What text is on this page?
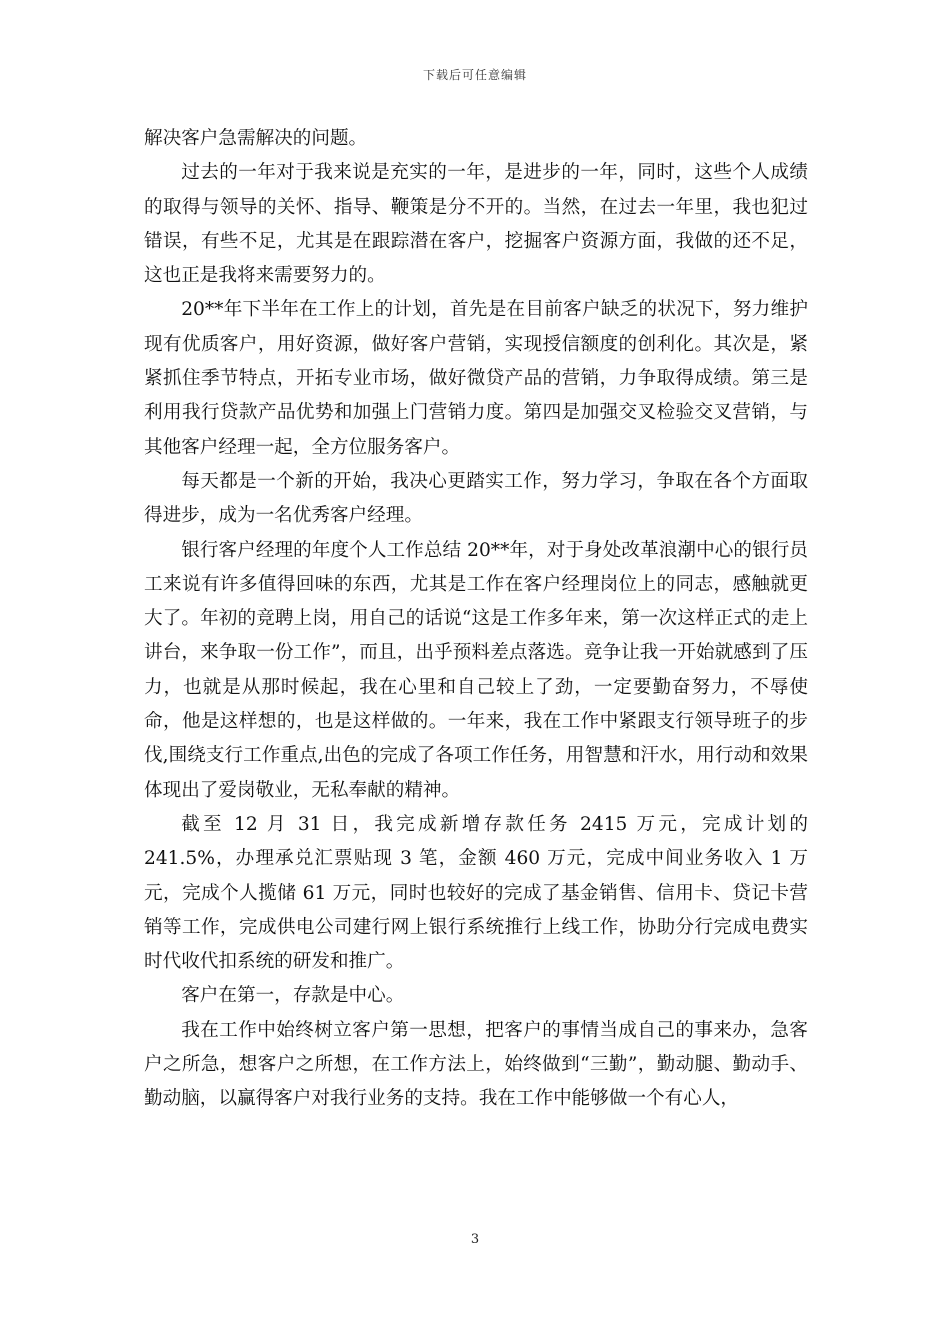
下载后可任意编辑

解决客户急需解决的问题。

过去的一年对于我来说是充实的一年，是进步的一年，同时，这些个人成绩的取得与领导的关怀、指导、鞭策是分不开的。当然，在过去一年里，我也犯过错误，有些不足，尤其是在跟踪潜在客户，挖掘客户资源方面，我做的还不足，这也正是我将来需要努力的。

20**年下半年在工作上的计划，首先是在目前客户缺乏的状况下，努力维护现有优质客户，用好资源，做好客户营销，实现授信额度的创利化。其次是，紧紧抓住季节特点，开拓专业市场，做好微贷产品的营销，力争取得成绩。第三是利用我行贷款产品优势和加强上门营销力度。第四是加强交叉检验交叉营销，与其他客户经理一起，全方位服务客户。

每天都是一个新的开始，我决心更踏实工作，努力学习，争取在各个方面取得进步，成为一名优秀客户经理。

银行客户经理的年度个人工作总结 20**年，对于身处改革浪潮中心的银行员工来说有许多值得回味的东西，尤其是工作在客户经理岗位上的同志，感触就更大了。年初的竞聘上岗，用自己的话说“这是工作多年来，第一次这样正式的走上讲台，来争取一份工作”，而且，出乎预料差点落选。竞争让我一开始就感到了压力，也就是从那时候起，我在心里和自己较上了劲，一定要勤奋努力，不辱使命，他是这样想的，也是这样做的。一年来，我在工作中紧跟支行领导班子的步伐,围绕支行工作重点,出色的完成了各项工作任务，用智慧和汗水，用行动和效果体现出了爱岗敬业，无私奉献的精神。

截至 12 月 31 日，我完成新增存款任务 2415 万元，完成计划的 241.5%，办理承兑汇票贴现 3 笔，金额 460 万元，完成中间业务收入 1 万元，完成个人揽储 61 万元，同时也较好的完成了基金销售、信用卡、贷记卡营销等工作，完成供电公司建行网上银行系统推行上线工作，协助分行完成电费实时代收代扣系统的研发和推广。

客户在第一，存款是中心。

我在工作中始终树立客户第一思想，把客户的事情当成自己的事来办，急客户之所急，想客户之所想，在工作方法上，始终做到“三勤”，勤动腿、勤动手、勤动脑，以赢得客户对我行业务的支持。我在工作中能够做一个有心人，

3
